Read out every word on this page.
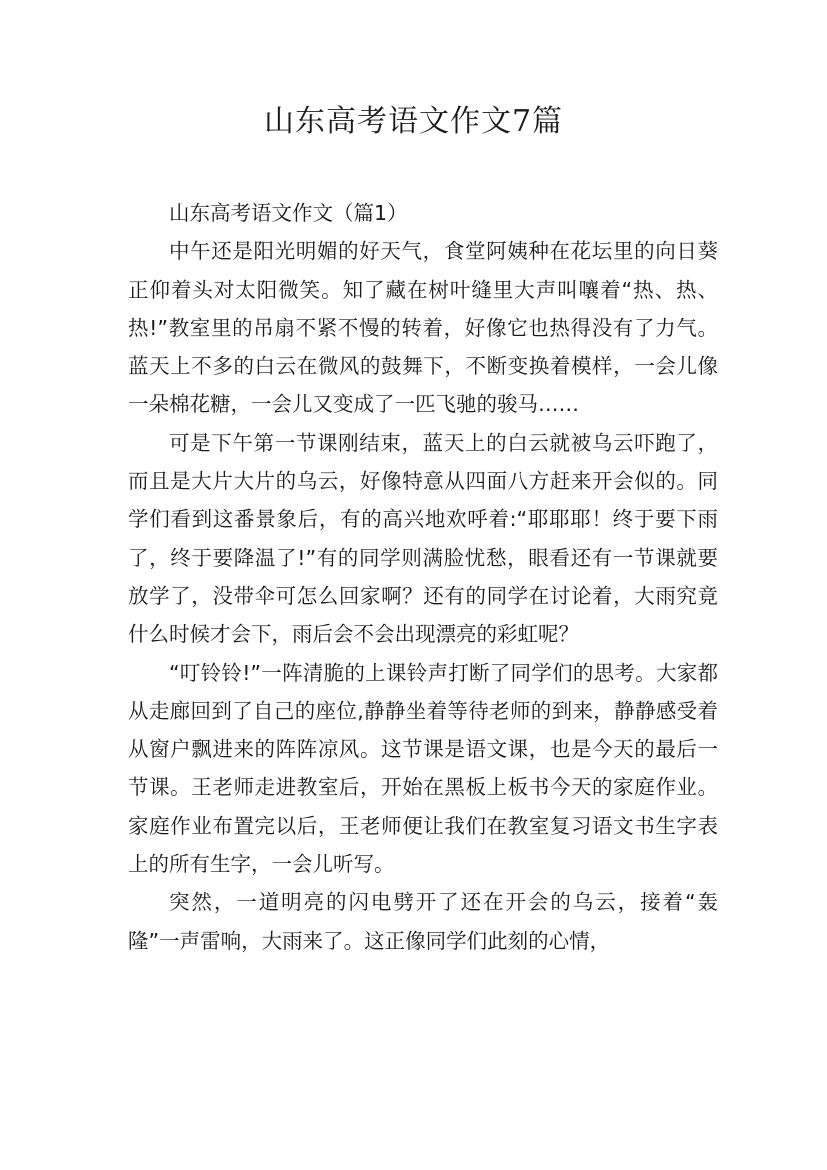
山东高考语文作文7篇

山东高考语文作文（篇1）

中午还是阳光明媚的好天气，食堂阿姨种在花坛里的向日葵正仰着头对太阳微笑。知了藏在树叶缝里大声叫嚷着“热、热、热!”教室里的吊扇不紧不慢的转着，好像它也热得没有了力气。蓝天上不多的白云在微风的鼓舞下，不断变换着模样，一会儿像一朵棉花糖，一会儿又变成了一匹飞驰的骏马……

可是下午第一节课刚结束，蓝天上的白云就被乌云吓跑了，而且是大片大片的乌云，好像特意从四面八方赶来开会似的。同学们看到这番景象后，有的高兴地欢呼着:“耶耶耶！终于要下雨了，终于要降温了!”有的同学则满脸忧愁，眼看还有一节课就要放学了，没带伞可怎么回家啊？还有的同学在讨论着，大雨究竟什么时候才会下，雨后会不会出现漂亮的彩虹呢？

“叮铃铃!”一阵清脆的上课铃声打断了同学们的思考。大家都从走廊回到了自己的座位,静静坐着等待老师的到来，静静感受着从窗户飘进来的阵阵凉风。这节课是语文课，也是今天的最后一节课。王老师走进教室后，开始在黑板上板书今天的家庭作业。家庭作业布置完以后，王老师便让我们在教室复习语文书生字表上的所有生字，一会儿听写。

突然，一道明亮的闪电劈开了还在开会的乌云，接着“轰隆”一声雷响，大雨来了。这正像同学们此刻的心情，
